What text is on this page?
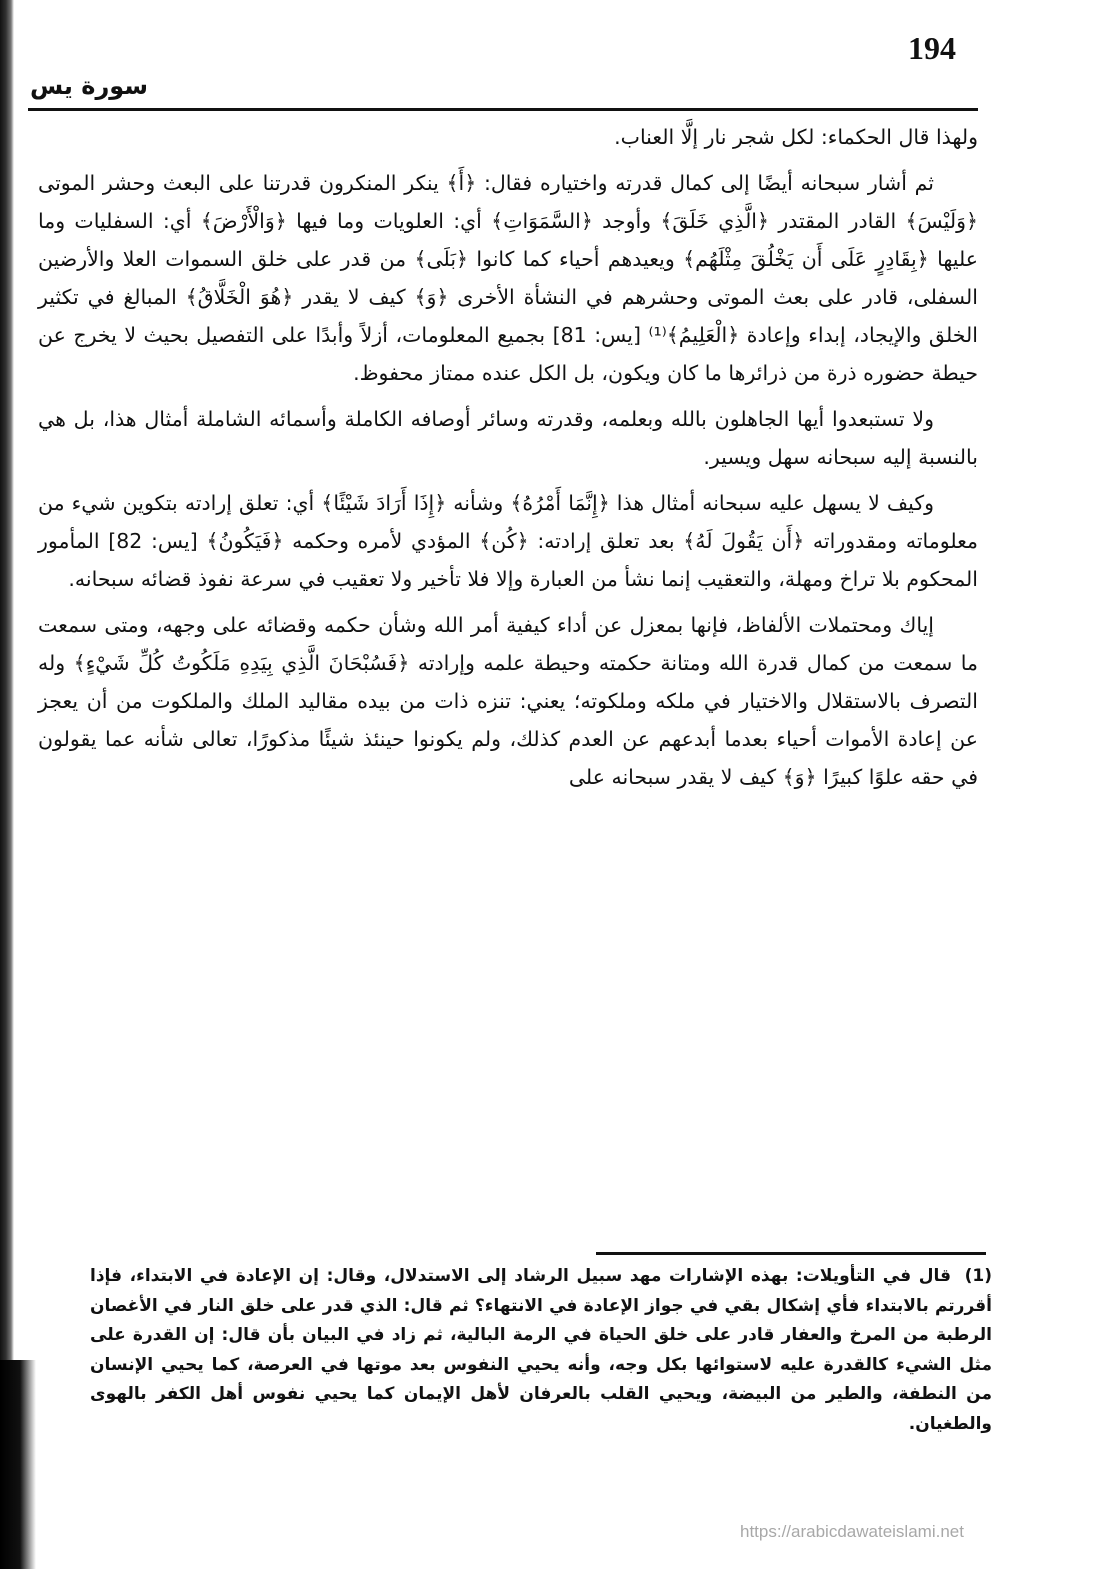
194
سورة يس

ولهذا قال الحكماء: لكل شجر نار إلَّا العناب.

ثم أشار سبحانه أيضًا إلى كمال قدرته واختياره فقال: ﴿أَ﴾ ينكر المنكرون قدرتنا على البعث وحشر الموتى ﴿وَلَيْسَ﴾ القادر المقتدر ﴿الَّذِي خَلَقَ﴾ وأوجد ﴿السَّمَوَاتِ﴾ أي: العلويات وما فيها ﴿وَالْأَرْضَ﴾ أي: السفليات وما عليها ﴿بِقَادِرٍ عَلَى أَن يَخْلُقَ مِثْلَهُم﴾ ويعيدهم أحياء كما كانوا ﴿بَلَى﴾ من قدر على خلق السموات العلا والأرضين السفلى، قادر على بعث الموتى وحشرهم في النشأة الأخرى ﴿وَ﴾ كيف لا يقدر ﴿هُوَ الْخَلَّاقُ﴾ المبالغ في تكثير الخلق والإيجاد، إبداء وإعادة ﴿الْعَلِيمُ﴾⁽¹⁾ [يس: 81] بجميع المعلومات، أزلاً وأبدًا على التفصيل بحيث لا يخرج عن حيطة حضوره ذرة من ذرائرها ما كان ويكون، بل الكل عنده ممتاز محفوظ.

ولا تستبعدوا أيها الجاهلون بالله وبعلمه، وقدرته وسائر أوصافه الكاملة وأسمائه الشاملة أمثال هذا، بل هي بالنسبة إليه سبحانه سهل ويسير.

وكيف لا يسهل عليه سبحانه أمثال هذا ﴿إِنَّمَا أَمْرُهُ﴾ وشأنه ﴿إِذَا أَرَادَ شَيْئًا﴾ أي: تعلق إرادته بتكوين شيء من معلوماته ومقدوراته ﴿أَن يَقُولَ لَهُ﴾ بعد تعلق إرادته: ﴿كُن﴾ المؤدي لأمره وحكمه ﴿فَيَكُونُ﴾ [يس: 82] المأمور المحكوم بلا تراخ ومهلة، والتعقيب إنما نشأ من العبارة وإلا فلا تأخير ولا تعقيب في سرعة نفوذ قضائه سبحانه.

إياك ومحتملات الألفاظ، فإنها بمعزل عن أداء كيفية أمر الله وشأن حكمه وقضائه على وجهه، ومتى سمعت ما سمعت من كمال قدرة الله ومتانة حكمته وحيطة علمه وإرادته ﴿فَسُبْحَانَ الَّذِي بِيَدِهِ مَلَكُوتُ كُلِّ شَيْءٍ﴾ وله التصرف بالاستقلال والاختيار في ملكه وملكوته؛ يعني: تنزه ذات من بيده مقاليد الملك والملكوت من أن يعجز عن إعادة الأموات أحياء بعدما أبدعهم عن العدم كذلك، ولم يكونوا حينئذ شيئًا مذكورًا، تعالى شأنه عما يقولون في حقه علوًا كبيرًا ﴿وَ﴾ كيف لا يقدر سبحانه على

(1) قال في التأويلات: بهذه الإشارات مهد سبيل الرشاد إلى الاستدلال، وقال: إن الإعادة في الابتداء، فإذا أقررتم بالابتداء فأي إشكال بقي في جواز الإعادة في الانتهاء؟ ثم قال: الذي قدر على خلق النار في الأغصان الرطبة من المرخ والعفار قادر على خلق الحياة في الرمة البالية، ثم زاد في البيان بأن قال: إن القدرة على مثل الشيء كالقدرة عليه لاستوائها بكل وجه، وأنه يحيي النفوس بعد موتها في العرصة، كما يحيي الإنسان من النطفة، والطير من البيضة، ويحيي القلب بالعرفان لأهل الإيمان كما يحيي نفوس أهل الكفر بالهوى والطغيان.
https://arabicdawateislami.net
